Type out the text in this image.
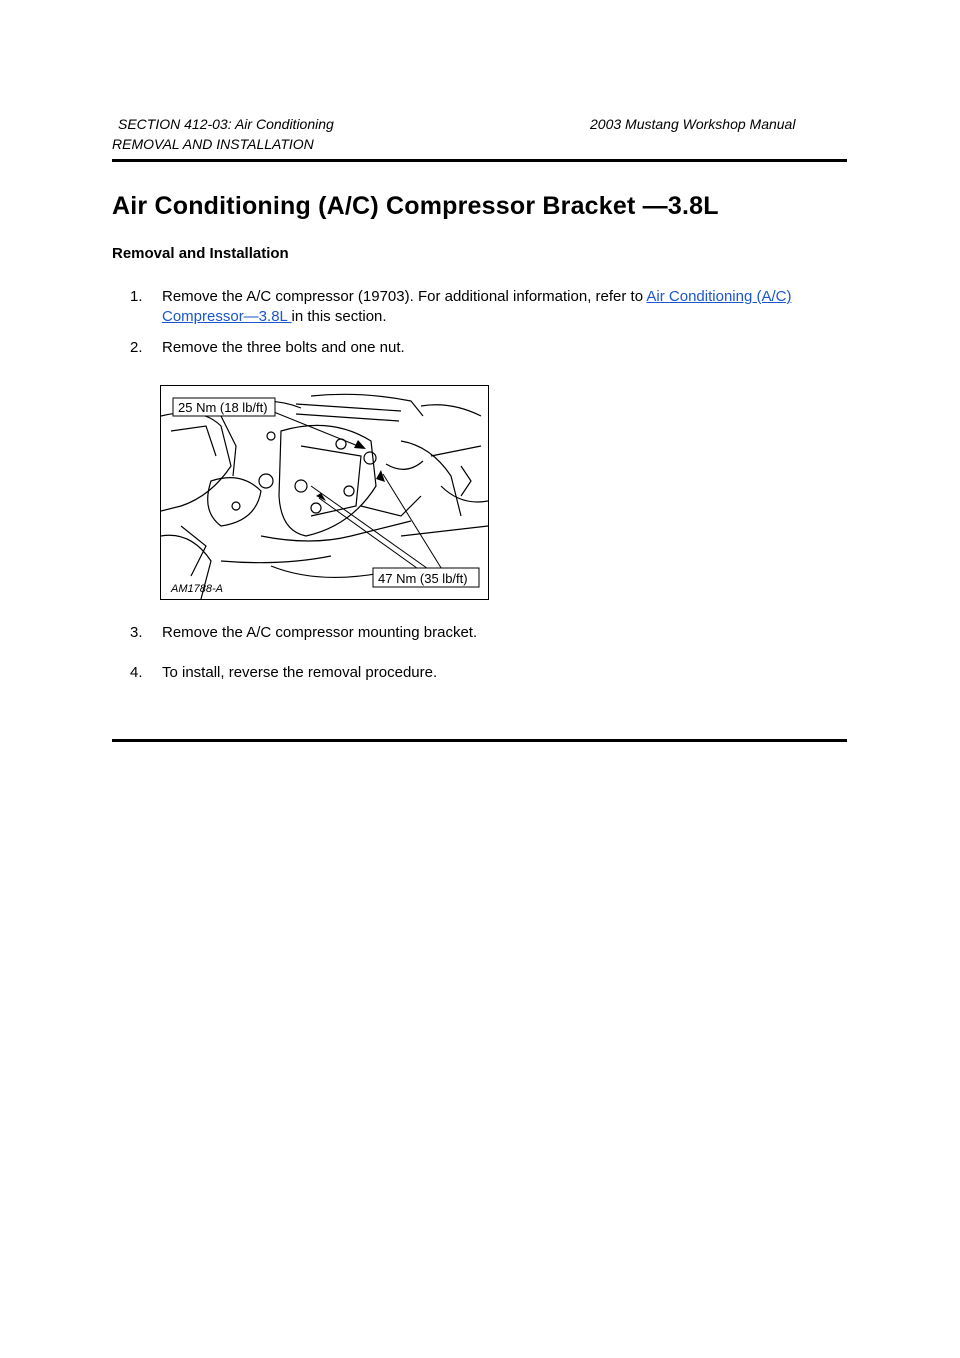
SECTION 412-03: Air Conditioning	2003 Mustang Workshop Manual
REMOVAL AND INSTALLATION
Air Conditioning (A/C) Compressor Bracket —3.8L
Removal and Installation
1.	Remove the A/C compressor (19703). For additional information, refer to Air Conditioning (A/C) Compressor—3.8L in this section.
2.	Remove the three bolts and one nut.
25 Nm (18 lb/ft)
47 Nm (35 lb/ft)
AM1788-A
3.	Remove the A/C compressor mounting bracket.
4.	To install, reverse the removal procedure.
